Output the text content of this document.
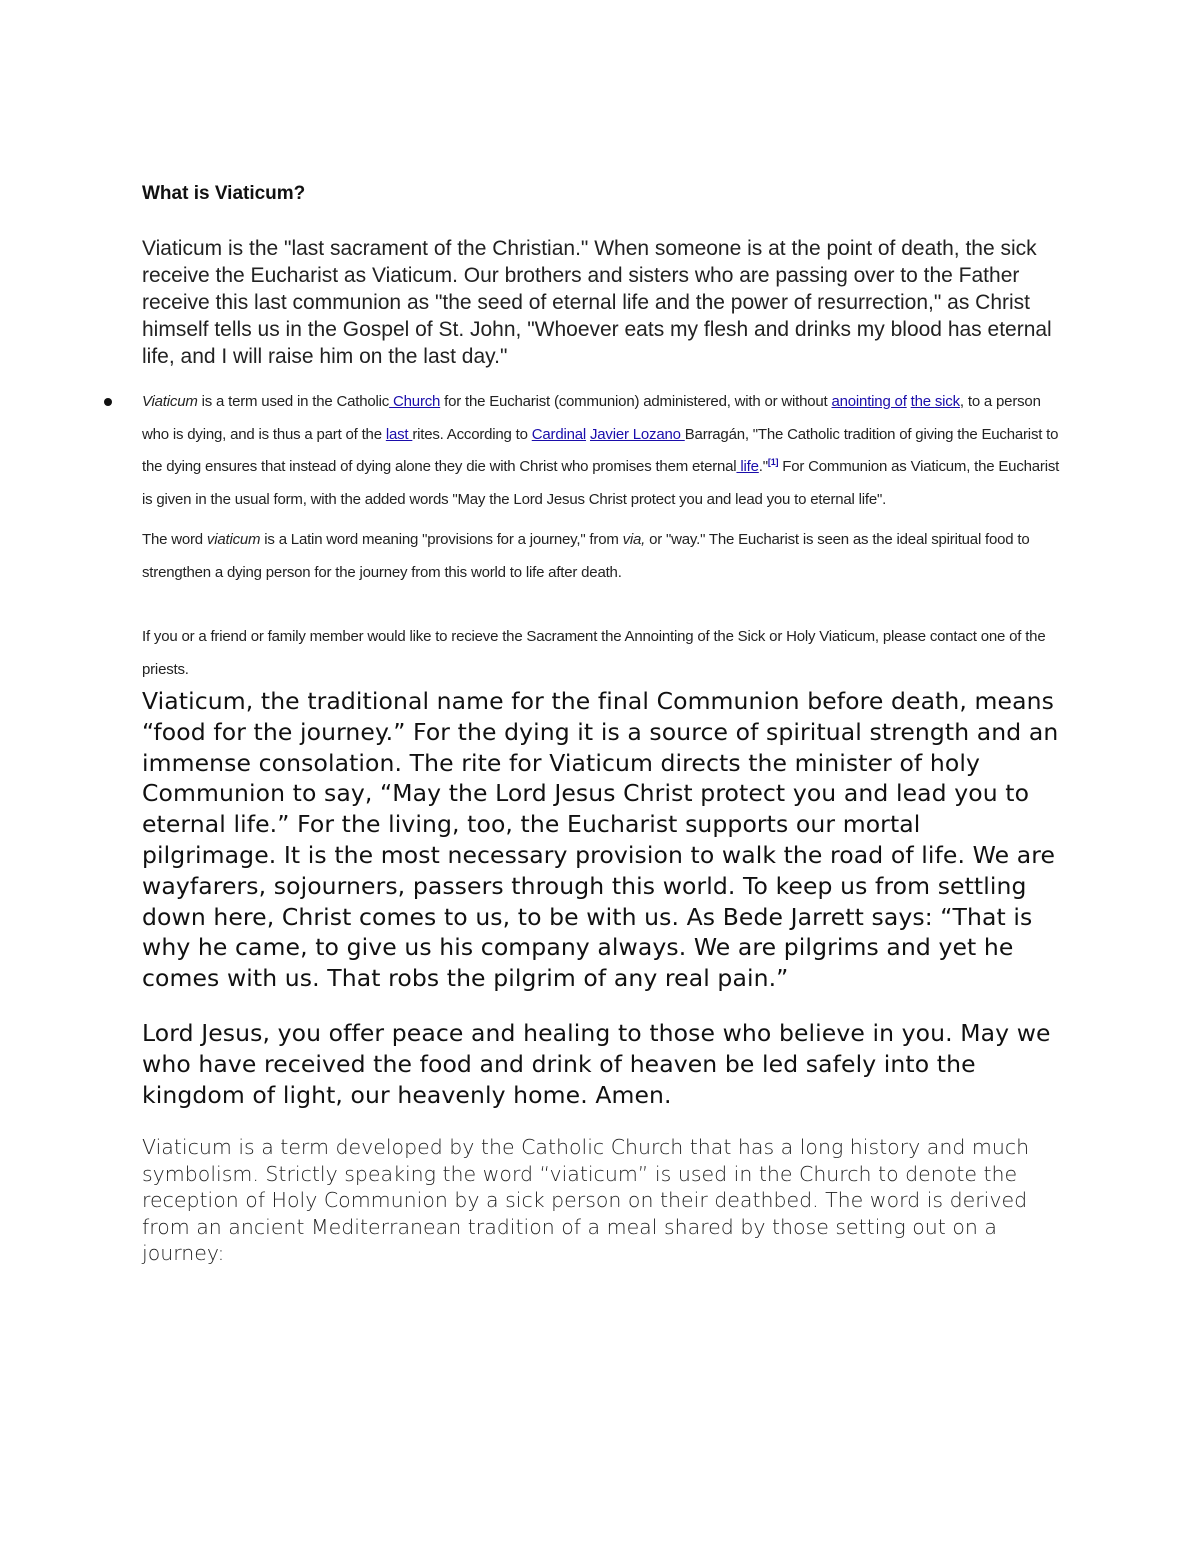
What is Viaticum?

Viaticum is the "last sacrament of the Christian." When someone is at the point of death, the sick receive the Eucharist as Viaticum. Our brothers and sisters who are passing over to the Father receive this last communion as "the seed of eternal life and the power of resurrection," as Christ himself tells us in the Gospel of St. John, "Whoever eats my flesh and drinks my blood has eternal life, and I will raise him on the last day."

Viaticum is a term used in the Catholic Church for the Eucharist (communion) administered, with or without anointing of the sick, to a person who is dying, and is thus a part of the last rites. According to Cardinal Javier Lozano Barragán, "The Catholic tradition of giving the Eucharist to the dying ensures that instead of dying alone they die with Christ who promises them eternal life."[1] For Communion as Viaticum, the Eucharist is given in the usual form, with the added words "May the Lord Jesus Christ protect you and lead you to eternal life".

The word viaticum is a Latin word meaning "provisions for a journey," from via, or "way." The Eucharist is seen as the ideal spiritual food to strengthen a dying person for the journey from this world to life after death.

If you or a friend or family member would like to recieve the Sacrament the Annointing of the Sick or Holy Viaticum, please contact one of the priests.

Viaticum, the traditional name for the final Communion before death, means “food for the journey.” For the dying it is a source of spiritual strength and an immense consolation. The rite for Viaticum directs the minister of holy Communion to say, “May the Lord Jesus Christ protect you and lead you to eternal life.” For the living, too, the Eucharist supports our mortal pilgrimage. It is the most necessary provision to walk the road of life. We are wayfarers, sojourners, passers through this world. To keep us from settling down here, Christ comes to us, to be with us. As Bede Jarrett says: “That is why he came, to give us his company always. We are pilgrims and yet he comes with us. That robs the pilgrim of any real pain.”

Lord Jesus, you offer peace and healing to those who believe in you. May we who have received the food and drink of heaven be led safely into the kingdom of light, our heavenly home. Amen.

Viaticum is a term developed by the Catholic Church that has a long history and much symbolism. Strictly speaking the word “viaticum” is used in the Church to denote the reception of Holy Communion by a sick person on their deathbed. The word is derived from an ancient Mediterranean tradition of a meal shared by those setting out on a journey:
